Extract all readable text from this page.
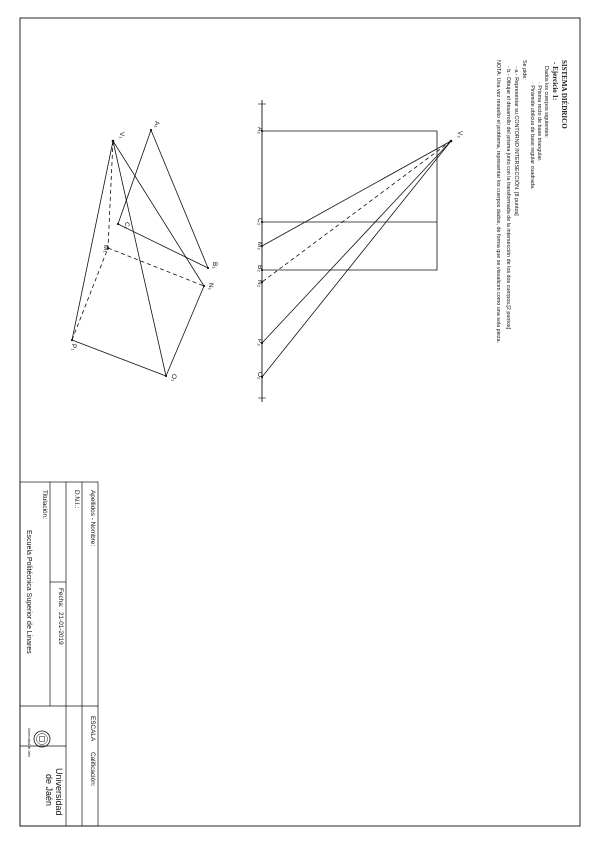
A₂
C₂
M₂
B₂
N₂
P₂
O₂
V₂
V₁
A₁
C₁
M₁
B₁
N₁
P₁
O₁
SISTEMA DIÉDRICO
- Ejercicio 1:
Dados los cuerpos siguientes:
· Prisma recto de base triangular.
· Pirámide oblicua de base regular cuadrada.
Se pide:
- a.- Representar su CONTORNO INTERSECCIÓN. [8 puntos]
- b.- Dibujar el desarrollo del prisma junto con la transformada de la intersección de los dos cuerpos.[2 puntos]
NOTA: Una vez resuelto el problema, representar los cuerpos dados, de forma que se visualicen como una sola pieza.
Apellidos - Nombre:
D.N.I.:
Fecha:
21-01-2019
Titulación:
Escuela Politécnica Superior de Linares
ESCALA
Calificación:
Universidad de Jaén
Universidad
de Jaén
